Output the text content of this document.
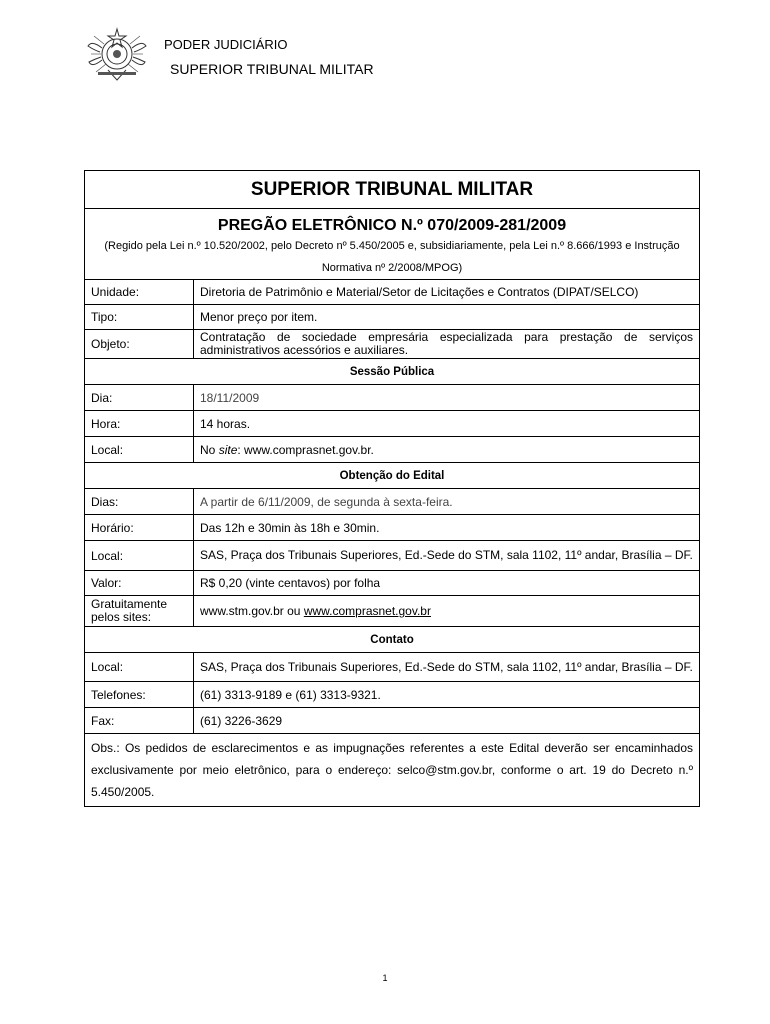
PODER JUDICIÁRIO
SUPERIOR TRIBUNAL MILITAR
SUPERIOR TRIBUNAL MILITAR	
PREGÃO ELETRÔNICO N.º 070/2009-281/2009	
(Regido pela Lei n.º 10.520/2002, pelo Decreto nº 5.450/2005 e, subsidiariamente, pela Lei n.º 8.666/1993 e Instrução Normativa nº 2/2008/MPOG)	
Unidade:	Diretoria de Patrimônio e Material/Setor de Licitações e Contratos (DIPAT/SELCO)
Tipo:	Menor preço por item.
Objeto:	Contratação de sociedade empresária especializada para prestação de serviços administrativos acessórios e auxiliares.
Sessão Pública	
Dia:	18/11/2009
Hora:	14 horas.
Local:	No site: www.comprasnet.gov.br.
Obtenção do Edital	
Dias:	A partir de 6/11/2009, de segunda à sexta-feira.
Horário:	Das 12h e 30min às 18h e 30min.
Local:	SAS, Praça dos Tribunais Superiores, Ed.-Sede do STM, sala 1102, 11º andar, Brasília – DF.
Valor:	R$ 0,20 (vinte centavos) por folha
Gratuitamente pelos sites:	www.stm.gov.br ou www.comprasnet.gov.br
Contato	
Local:	SAS, Praça dos Tribunais Superiores, Ed.-Sede do STM, sala 1102, 11º andar, Brasília – DF.
Telefones:	(61) 3313-9189 e (61) 3313-9321.
Fax:	(61) 3226-3629
Obs.: Os pedidos de esclarecimentos e as impugnações referentes a este Edital deverão ser encaminhados exclusivamente por meio eletrônico, para o endereço: selco@stm.gov.br, conforme o art. 19 do Decreto n.º 5.450/2005.	
1
